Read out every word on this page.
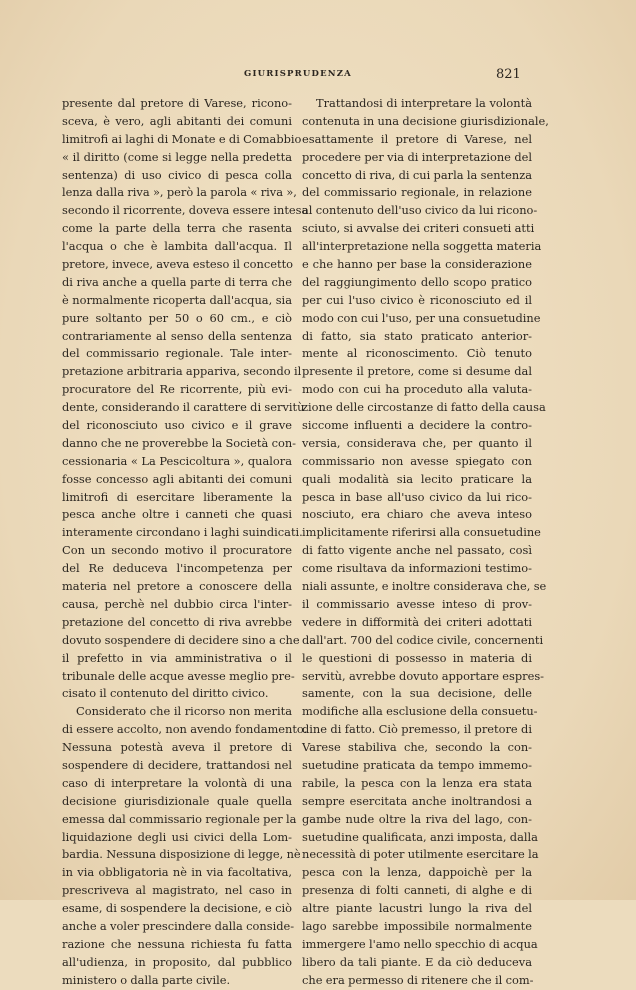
GIURISPRUDENZA	821
presente dal pretore di Varese, ricono-
sceva, è vero, agli abitanti dei comuni
limitrofi ai laghi di Monate e di Comabbio
« il diritto (come si legge nella predetta
sentenza) di uso civico di pesca colla
lenza dalla riva », però la parola « riva »,
secondo il ricorrente, doveva essere intesa
come la parte della terra che rasenta
l'acqua o che è lambita dall'acqua. Il
pretore, invece, aveva esteso il concetto
di riva anche a quella parte di terra che
è normalmente ricoperta dall'acqua, sia
pure soltanto per 50 o 60 cm., e ciò
contrariamente al senso della sentenza
del commissario regionale. Tale inter-
pretazione arbitraria appariva, secondo il
procuratore del Re ricorrente, più evi-
dente, considerando il carattere di servitù
del riconosciuto uso civico e il grave
danno che ne proverebbe la Società con-
cessionaria « La Pescicoltura », qualora
fosse concesso agli abitanti dei comuni
limitrofi di esercitare liberamente la
pesca anche oltre i canneti che quasi
interamente circondano i laghi suindicati.
Con un secondo motivo il procuratore
del Re deduceva l'incompetenza per
materia nel pretore a conoscere della
causa, perchè nel dubbio circa l'inter-
pretazione del concetto di riva avrebbe
dovuto sospendere di decidere sino a che
il prefetto in via amministrativa o il
tribunale delle acque avesse meglio pre-
cisato il contenuto del diritto civico.
Considerato che il ricorso non merita
di essere accolto, non avendo fondamento.
Nessuna potestà aveva il pretore di
sospendere di decidere, trattandosi nel
caso di interpretare la volontà di una
decisione giurisdizionale quale quella
emessa dal commissario regionale per la
liquidazione degli usi civici della Lom-
bardia. Nessuna disposizione di legge, nè
in via obbligatoria nè in via facoltativa,
prescriveva al magistrato, nel caso in
esame, di sospendere la decisione, e ciò
anche a voler prescindere dalla conside-
razione che nessuna richiesta fu fatta
all'udienza, in proposito, dal pubblico
ministero o dalla parte civile.
Trattandosi di interpretare la volontà
contenuta in una decisione giurisdizionale,
esattamente il pretore di Varese, nel
procedere per via di interpretazione del
concetto di riva, di cui parla la sentenza
del commissario regionale, in relazione
al contenuto dell'uso civico da lui ricono-
sciuto, si avvalse dei criteri consueti atti
all'interpretazione nella soggetta materia
e che hanno per base la considerazione
del raggiungimento dello scopo pratico
per cui l'uso civico è riconosciuto ed il
modo con cui l'uso, per una consuetudine
di fatto, sia stato praticato anterior-
mente al riconoscimento. Ciò tenuto
presente il pretore, come si desume dal
modo con cui ha proceduto alla valuta-
zione delle circostanze di fatto della causa
siccome influenti a decidere la contro-
versia, considerava che, per quanto il
commissario non avesse spiegato con
quali modalità sia lecito praticare la
pesca in base all'uso civico da lui rico-
nosciuto, era chiaro che aveva inteso
implicitamente riferirsi alla consuetudine
di fatto vigente anche nel passato, così
come risultava da informazioni testimo-
niali assunte, e inoltre considerava che, se
il commissario avesse inteso di prov-
vedere in difformità dei criteri adottati
dall'art. 700 del codice civile, concernenti
le questioni di possesso in materia di
servitù, avrebbe dovuto apportare espres-
samente, con la sua decisione, delle
modifiche alla esclusione della consuetu-
dine di fatto. Ciò premesso, il pretore di
Varese stabiliva che, secondo la con-
suetudine praticata da tempo immemo-
rabile, la pesca con la lenza era stata
sempre esercitata anche inoltrandosi a
gambe nude oltre la riva del lago, con-
suetudine qualificata, anzi imposta, dalla
necessità di poter utilmente esercitare la
pesca con la lenza, dappoichè per la
presenza di folti canneti, di alghe e di
altre piante lacustri lungo la riva del
lago sarebbe impossibile normalmente
immergere l'amo nello specchio di acqua
libero da tali piante. E da ciò deduceva
che era permesso di ritenere che il com-
